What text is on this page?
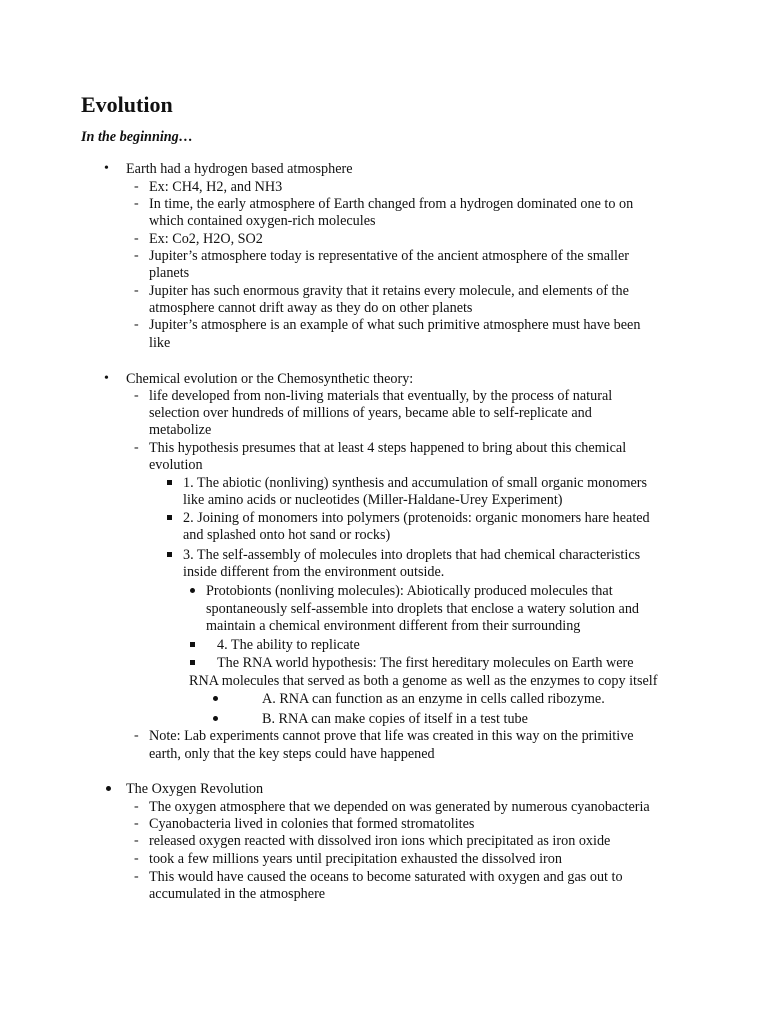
Evolution
In the beginning…
• Earth had a hydrogen based atmosphere
- Ex: CH4, H2, and NH3
- In time, the early atmosphere of Earth changed from a hydrogen dominated one to on
which contained oxygen-rich molecules
- Ex: Co2, H2O, SO2
- Jupiter’s atmosphere today is representative of the ancient atmosphere of the smaller
planets
- Jupiter has such enormous gravity that it retains every molecule, and elements of the
atmosphere cannot drift away as they do on other planets
- Jupiter’s atmosphere is an example of what such primitive atmosphere must have been
like
• Chemical evolution or the Chemosynthetic theory:
- life developed from non-living materials that eventually, by the process of natural
selection over hundreds of millions of years, became able to self-replicate and
metabolize
- This hypothesis presumes that at least 4 steps happened to bring about this chemical
evolution
1. The abiotic (nonliving) synthesis and accumulation of small organic monomers
like amino acids or nucleotides (Miller-Haldane-Urey Experiment)
2. Joining of monomers into polymers (protenoids: organic monomers hare heated
and splashed onto hot sand or rocks)
3. The self-assembly of molecules into droplets that had chemical characteristics
inside different from the environment outside.
Protobionts (nonliving molecules): Abiotically produced molecules that
spontaneously self-assemble into droplets that enclose a watery solution and
maintain a chemical environment different from their surrounding
4. The ability to replicate
The RNA world hypothesis: The first hereditary molecules on Earth were
RNA molecules that served as both a genome as well as the enzymes to copy itself
A. RNA can function as an enzyme in cells called ribozyme.
B. RNA can make copies of itself in a test tube
- Note: Lab experiments cannot prove that life was created in this way on the primitive
earth, only that the key steps could have happened
The Oxygen Revolution
- The oxygen atmosphere that we depended on was generated by numerous cyanobacteria
- Cyanobacteria lived in colonies that formed stromatolites
- released oxygen reacted with dissolved iron ions which precipitated as iron oxide
- took a few millions years until precipitation exhausted the dissolved iron
- This would have caused the oceans to become saturated with oxygen and gas out to
accumulated in the atmosphere
